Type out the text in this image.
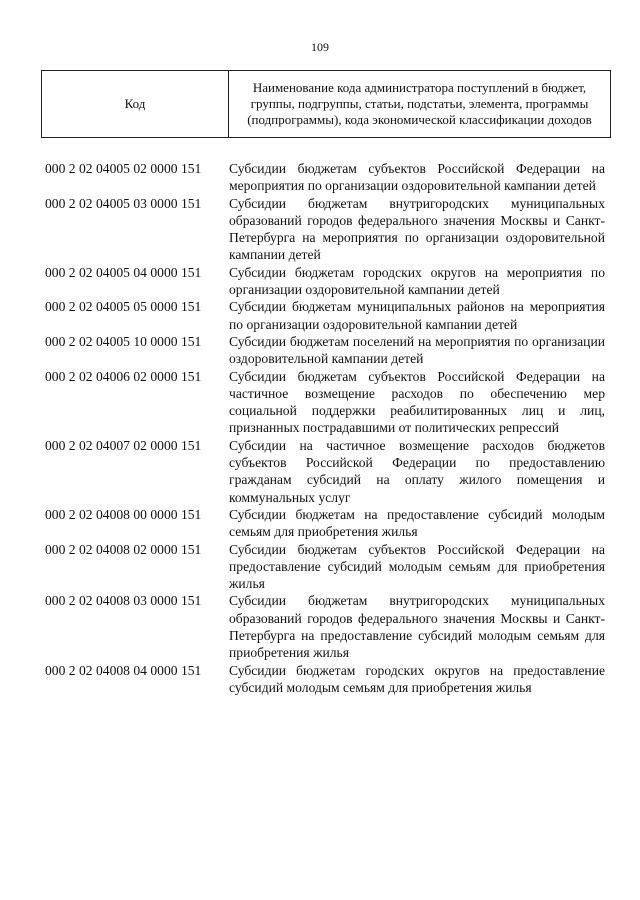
109
Код	Наименование кода администратора поступлений в бюджет, группы, подгруппы, статьи, подстатьи, элемента, программы (подпрограммы), кода экономической классификации доходов
000 2 02 04005 02 0000 151	Субсидии бюджетам субъектов Российской Федерации на мероприятия по организации оздоровительной кампании детей
000 2 02 04005 03 0000 151	Субсидии бюджетам внутригородских муниципальных образований городов федерального значения Москвы и Санкт-Петербурга на мероприятия по организации оздоровительной кампании детей
000 2 02 04005 04 0000 151	Субсидии бюджетам городских округов на мероприятия по организации оздоровительной кампании детей
000 2 02 04005 05 0000 151	Субсидии бюджетам муниципальных районов на мероприятия по организации оздоровительной кампании детей
000 2 02 04005 10 0000 151	Субсидии бюджетам поселений на мероприятия по организации оздоровительной кампании детей
000 2 02 04006 02 0000 151	Субсидии бюджетам субъектов Российской Федерации на частичное возмещение расходов по обеспечению мер социальной поддержки реабилитированных лиц и лиц, признанных пострадавшими от политических репрессий
000 2 02 04007 02 0000 151	Субсидии на частичное возмещение расходов бюджетов субъектов Российской Федерации по предоставлению гражданам субсидий на оплату жилого помещения и коммунальных услуг
000 2 02 04008 00 0000 151	Субсидии бюджетам на предоставление субсидий молодым семьям для приобретения жилья
000 2 02 04008 02 0000 151	Субсидии бюджетам субъектов Российской Федерации на предоставление субсидий молодым семьям для приобретения жилья
000 2 02 04008 03 0000 151	Субсидии бюджетам внутригородских муниципальных образований городов федерального значения Москвы и Санкт-Петербурга на предоставление субсидий молодым семьям для приобретения жилья
000 2 02 04008 04 0000 151	Субсидии бюджетам городских округов на предоставление субсидий молодым семьям для приобретения жилья
